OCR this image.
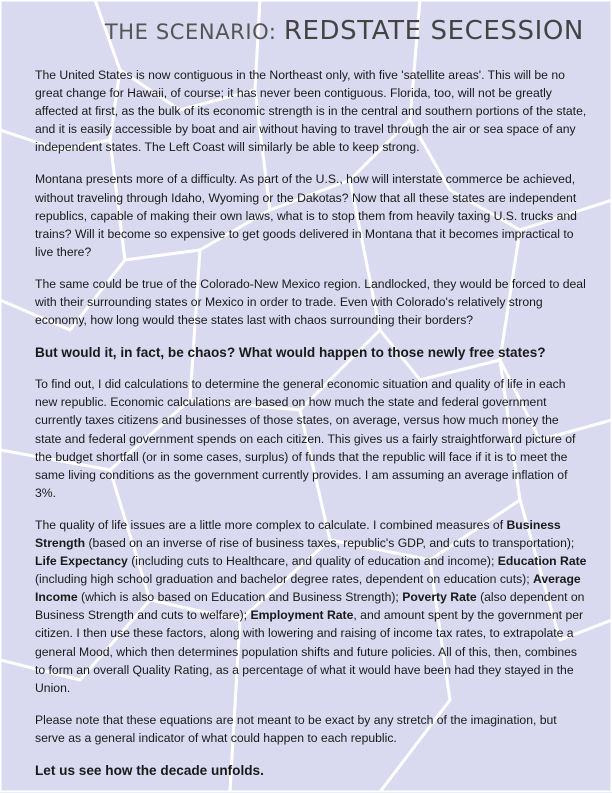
THE SCENARIO: REDSTATE SECESSION

The United States is now contiguous in the Northeast only, with five 'satellite areas'. This will be no great change for Hawaii, of course; it has never been contiguous. Florida, too, will not be greatly affected at first, as the bulk of its economic strength is in the central and southern portions of the state, and it is easily accessible by boat and air without having to travel through the air or sea space of any independent states. The Left Coast will similarly be able to keep strong.

Montana presents more of a difficulty. As part of the U.S., how will interstate commerce be achieved, without traveling through Idaho, Wyoming or the Dakotas? Now that all these states are independent republics, capable of making their own laws, what is to stop them from heavily taxing U.S. trucks and trains? Will it become so expensive to get goods delivered in Montana that it becomes impractical to live there?

The same could be true of the Colorado-New Mexico region. Landlocked, they would be forced to deal with their surrounding states or Mexico in order to trade. Even with Colorado's relatively strong economy, how long would these states last with chaos surrounding their borders?

But would it, in fact, be chaos? What would happen to those newly free states?

To find out, I did calculations to determine the general economic situation and quality of life in each new republic. Economic calculations are based on how much the state and federal government currently taxes citizens and businesses of those states, on average, versus how much money the state and federal government spends on each citizen. This gives us a fairly straightforward picture of the budget shortfall (or in some cases, surplus) of funds that the republic will face if it is to meet the same living conditions as the government currently provides. I am assuming an average inflation of 3%.

The quality of life issues are a little more complex to calculate. I combined measures of Business Strength (based on an inverse of rise of business taxes, republic's GDP, and cuts to transportation); Life Expectancy (including cuts to Healthcare, and quality of education and income); Education Rate (including high school graduation and bachelor degree rates, dependent on education cuts); Average Income (which is also based on Education and Business Strength); Poverty Rate (also dependent on Business Strength and cuts to welfare); Employment Rate, and amount spent by the government per citizen. I then use these factors, along with lowering and raising of income tax rates, to extrapolate a general Mood, which then determines population shifts and future policies. All of this, then, combines to form an overall Quality Rating, as a percentage of what it would have been had they stayed in the Union.

Please note that these equations are not meant to be exact by any stretch of the imagination, but serve as a general indicator of what could happen to each republic.

Let us see how the decade unfolds.
